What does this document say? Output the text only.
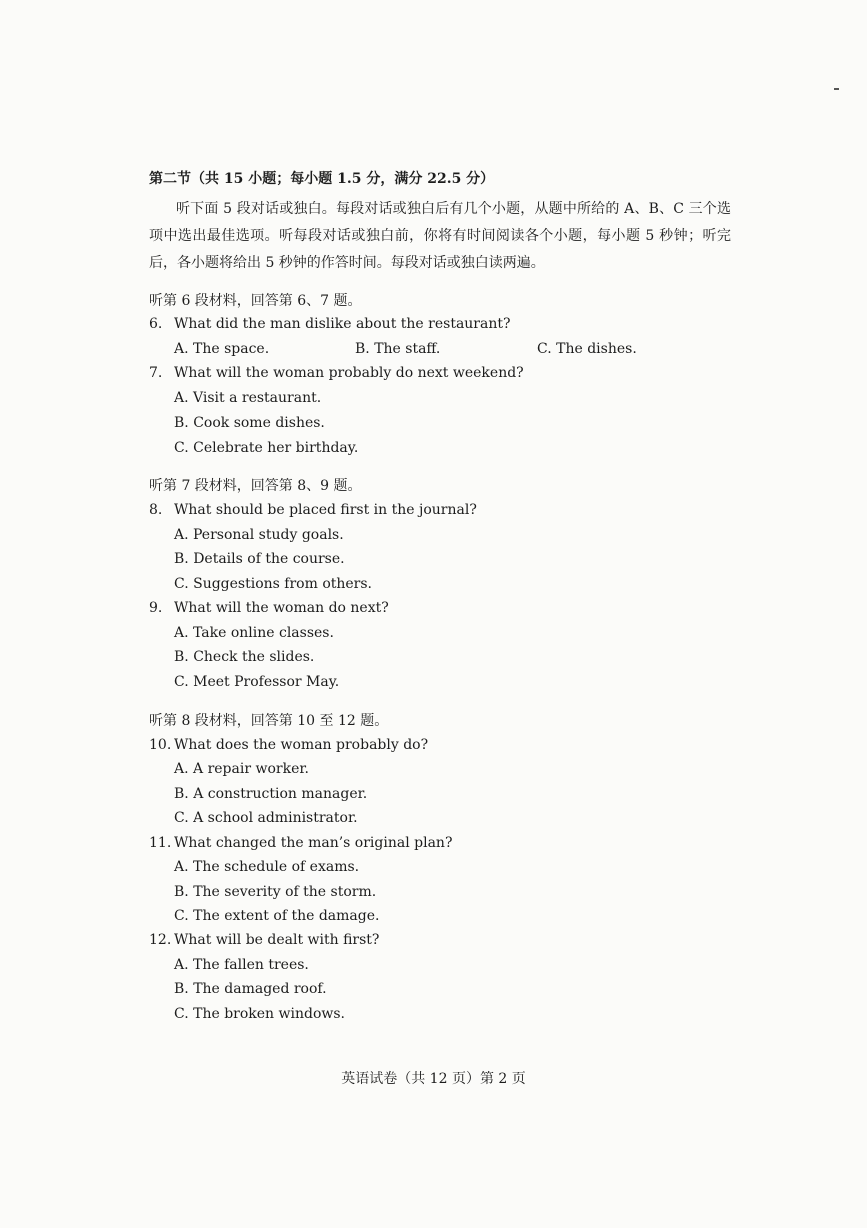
第二节（共 15 小题；每小题 1.5 分，满分 22.5 分）
听下面 5 段对话或独白。每段对话或独白后有几个小题，从题中所给的 A、B、C 三个选项中选出最佳选项。听每段对话或独白前，你将有时间阅读各个小题，每小题 5 秒钟；听完后，各小题将给出 5 秒钟的作答时间。每段对话或独白读两遍。
听第 6 段材料，回答第 6、7 题。
6. What did the man dislike about the restaurant?
A. The space.	B. The staff.	C. The dishes.
7. What will the woman probably do next weekend?
A. Visit a restaurant.
B. Cook some dishes.
C. Celebrate her birthday.
听第 7 段材料，回答第 8、9 题。
8. What should be placed first in the journal?
A. Personal study goals.
B. Details of the course.
C. Suggestions from others.
9. What will the woman do next?
A. Take online classes.
B. Check the slides.
C. Meet Professor May.
听第 8 段材料，回答第 10 至 12 题。
10. What does the woman probably do?
A. A repair worker.
B. A construction manager.
C. A school administrator.
11. What changed the man’s original plan?
A. The schedule of exams.
B. The severity of the storm.
C. The extent of the damage.
12. What will be dealt with first?
A. The fallen trees.
B. The damaged roof.
C. The broken windows.
英语试卷（共 12 页）第 2 页
